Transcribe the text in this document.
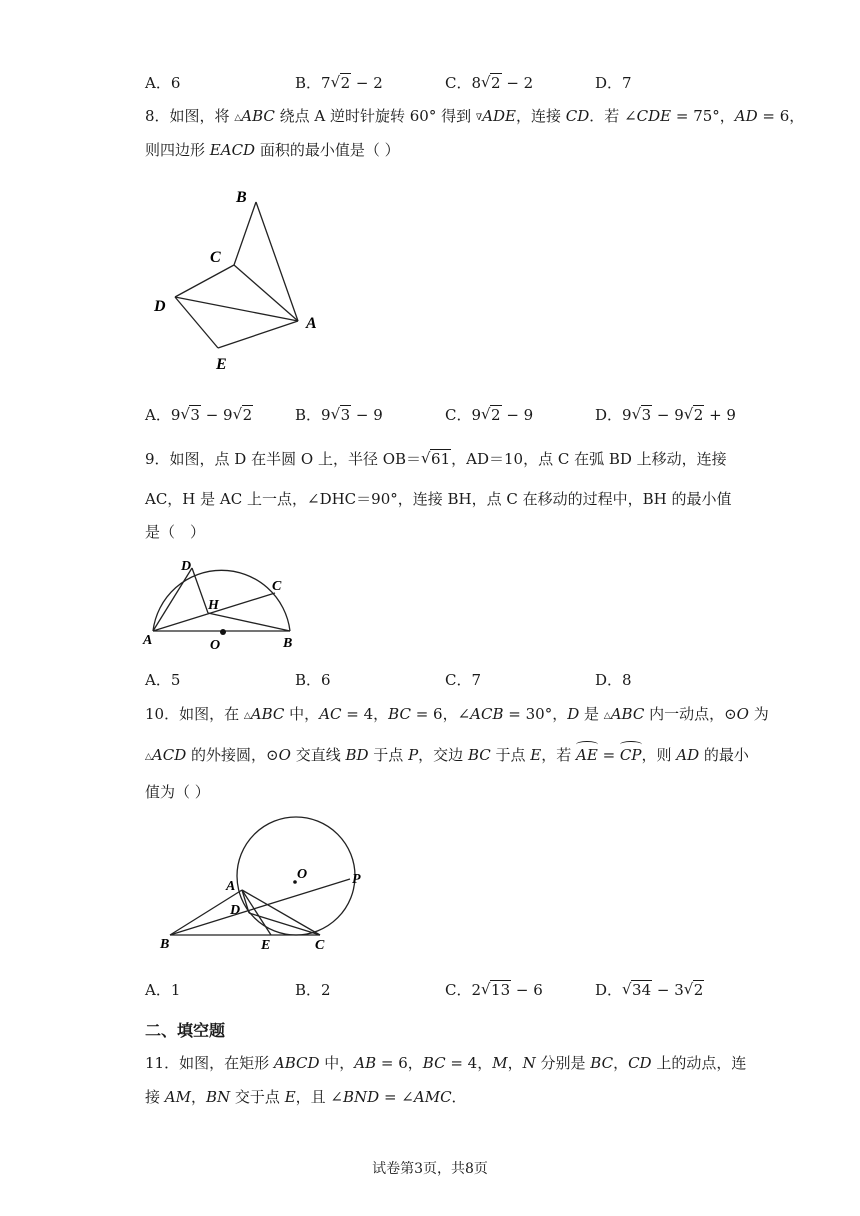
A．6	B．7 √ 2 − 2	C．8 √ 2 − 2	D．7
8．如图，将 △ABC 绕点 A 逆时针旋转 60° 得到 ∇ADE，连接 CD．若 ∠CDE = 75°，AD = 6，
则四边形 EACD 面积的最小值是（ ）
B
C
D
A
E
A．9 √ 3 − 9 √ 2	B．9 √ 3 − 9	C．9 √ 2 − 9	D．9 √ 3 − 9 √ 2 + 9
9．如图，点 D 在半圆 O 上，半径 OB＝ √ 61，AD＝10，点 C 在弧 BD 上移动，连接
AC，H 是 AC 上一点，∠DHC＝90°，连接 BH，点 C 在移动的过程中，BH 的最小值
是（　）
D
C
H
A	O	B
A．5	B．6	C．7	D．8
10．如图，在 △ABC 中，AC = 4，BC = 6，∠ACB = 30°，D 是 △ABC 内一动点，⊙O 为
△ACD 的外接圆，⊙O 交直线 BD 于点 P，交边 BC 于点 E，若 AE = CP，则 AD 的最小
值为（ ）
O	P
A
D
B	E	C
A．1	B．2	C．2 √ 13 − 6	D． √ 34 − 3 √ 2
二、填空题
11．如图，在矩形 ABCD 中，AB = 6，BC = 4，M，N 分别是 BC，CD 上的动点，连
接 AM，BN 交于点 E，且 ∠BND = ∠AMC．
试卷第3页，共8页
